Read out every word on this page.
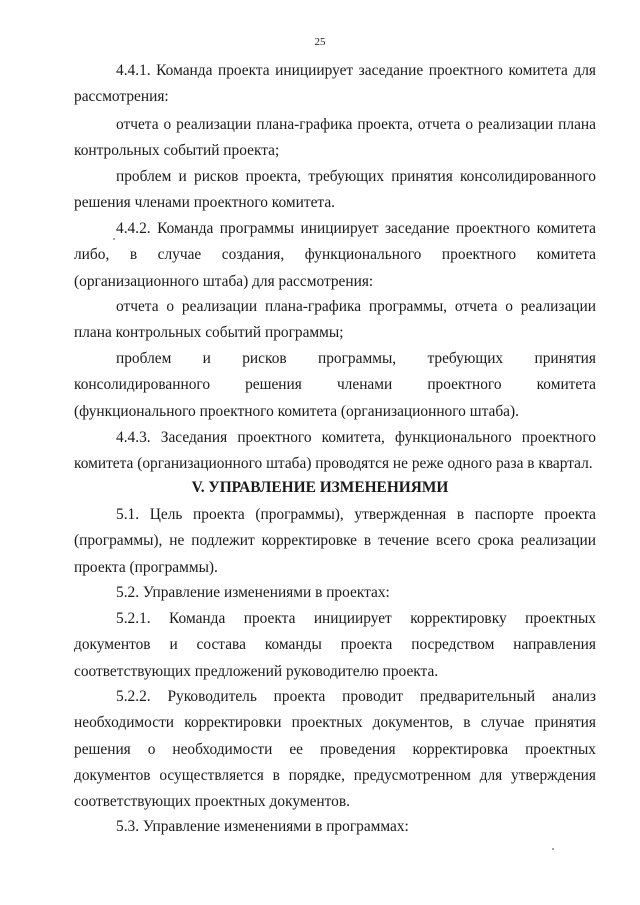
25

4.4.1. Команда проекта инициирует заседание проектного комитета для рассмотрения:

отчета о реализации плана-графика проекта, отчета о реализации плана контрольных событий проекта;

проблем и рисков проекта, требующих принятия консолидированного решения членами проектного комитета.

4.4.2. Команда программы инициирует заседание проектного комитета либо, в случае создания, функционального проектного комитета (организационного штаба) для рассмотрения:

отчета о реализации плана-графика программы, отчета о реализации плана контрольных событий программы;

проблем и рисков программы, требующих принятия консолидированного решения членами проектного комитета (функционального проектного комитета (организационного штаба).

4.4.3. Заседания проектного комитета, функционального проектного комитета (организационного штаба) проводятся не реже одного раза в квартал.

V. УПРАВЛЕНИЕ ИЗМЕНЕНИЯМИ

5.1. Цель проекта (программы), утвержденная в паспорте проекта (программы), не подлежит корректировке в течение всего срока реализации проекта (программы).

5.2. Управление изменениями в проектах:

5.2.1. Команда проекта инициирует корректировку проектных документов и состава команды проекта посредством направления соответствующих предложений руководителю проекта.

5.2.2. Руководитель проекта проводит предварительный анализ необходимости корректировки проектных документов, в случае принятия решения о необходимости ее проведения корректировка проектных документов осуществляется в порядке, предусмотренном для утверждения соответствующих проектных документов.

5.3. Управление изменениями в программах:
